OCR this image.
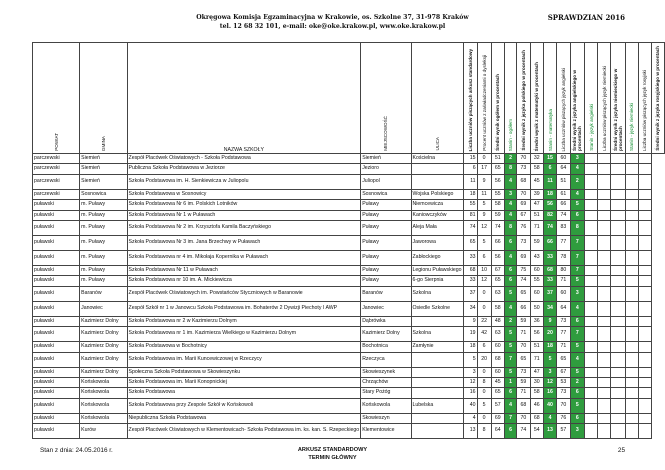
Okręgowa Komisja Egzaminacyjna w Krakowie, os. Szkolne 37, 31-978 Kraków
tel. 12 68 32 101, e-mail: oke@oke.krakow.pl, www.oke.krakow.pl
SPRAWDZIAN 2016
POWIAT	GMINA	NAZWA SZKOŁY	MIEJSCOWOŚĆ	ULICA	Liczba uczniów piszących arkusz standardowy	Procent uczniów z zaświadczeniami o dysleksji	Średni wynik ogółem w procentach	Stanin - ogółem	Średni wynik z języka polskiego w procentach	Średni wynik z matematyki w procentach	Stanin - matematyka	Liczba uczniów piszących język angielski	Średni wynik z języka angielskiego w procentach	Stanin - język angielski	Liczba uczniów piszących język niemiecki	Średni wynik z języka niemieckiego w procentach	Stanin - język niemiecki	Liczba uczniów piszących język rosyjski	Średni wynik z języka rosyjskiego w procentach

parczewski	Siemień	Zespół Placówek Oświatowych - Szkoła Podstawowa	Siemień	Kościelna	15	0	51	2	70	32	15	60	3						
parczewski	Siemień	Publiczna Szkoła Podstawowa w Jeziorze	Jezioro		6	17	65	8	73	58	6	64	4						
parczewski	Siemień	Szkoła Podstawowa im. H. Sienkiewicza w Juliopolu	Juliopol		11	9	56	4	68	45	11	51	2						
parczewski	Sosnowica	Szkoła Podstawowa w Sosnowicy	Sosnowica	Wojska Polskiego	18	11	55	3	70	39	18	61	4						
puławski	m. Puławy	Szkoła Podstawowa Nr 6 im. Polskich Lotników	Puławy	Niemcewicza	55	5	58	4	69	47	56	66	5						
puławski	m. Puławy	Szkoła Podstawowa Nr 1 w Puławach	Puławy	Kaniowczyków	81	9	59	4	67	51	82	74	6						
puławski	m. Puławy	Szkoła Podstawowa Nr 2 im. Krzysztofa Kamila Baczyńskiego	Puławy	Aleja Mała	74	12	74	8	76	71	74	83	8						
puławski	m. Puławy	Szkoła Podstawowa Nr 3 im. Jana Brzechwy w Puławach	Puławy	Jaworowa	65	5	66	6	73	59	66	77	7						
puławski	m. Puławy	Szkoła Podstawowa nr 4 im. Mikołaja Kopernika w Puławach	Puławy	Zabłockiego	33	6	56	4	69	43	33	78	7						
puławski	m. Puławy	Szkoła Podstawowa Nr 11 w Puławach	Puławy	Legionu Puławskiego	68	10	67	6	75	60	68	80	7						
puławski	m. Puławy	Szkoła Podstawowa nr 10 im. A. Mickiewicza	Puławy	6-go Sierpnia	33	12	65	6	74	55	33	71	5						
puławski	Baranów	Zespół Placówek Oświatowych im. Powstańców Styczniowych w Baranowie	Baranów	Szkolna	37	0	63	5	65	60	37	60	3						
puławski	Janowiec	Zespół Szkół nr 1 w Janowcu Szkoła Podstawowa im. Bohaterów 2 Dywizji Piechoty I AWP	Janowiec	Osiedle Szkolne	34	0	58	4	66	50	34	64	4						
puławski	Kazimierz Dolny	Szkoła Podstawowa nr 2 w Kazimierzu Dolnym	Dąbrówka		9	22	48	2	59	36	9	73	6						
puławski	Kazimierz Dolny	Szkoła Podstawowa nr 1 im. Kazimierza Wielkiego w Kazimierzu Dolnym	Kazimierz Dolny	Szkolna	19	42	63	5	71	56	20	77	7						
puławski	Kazimierz Dolny	Szkoła Podstawowa w Bochotnicy	Bochotnica	Zamłynie	18	6	60	5	70	51	18	71	5						
puławski	Kazimierz Dolny	Szkoła Podstawowa im. Marii Kuncewiczowej w Rzeczycy	Rzeczyca		5	20	68	7	65	71	5	65	4						
puławski	Kazimierz Dolny	Społeczna Szkoła Podstawowa w Skowieszynku	Skowieszynek		3	0	60	5	73	47	3	67	5						
puławski	Końskowola	Szkoła Podstawowa im. Marii Konopnickiej	Chrząchów		12	8	45	1	59	30	12	53	2						
puławski	Końskowola	Szkoła Podstawowa	Stary Pożóg		16	0	65	6	71	58	16	73	6						
puławski	Końskowola	Szkoła Podstawowa przy Zespole Szkół w Końskowoli	Końskowola	Lubelska	40	5	57	4	68	46	40	70	5						
puławski	Końskowola	Niepubliczna Szkoła Podstawowa	Skowieszyn		4	0	69	7	70	68	4	76	6						
puławski	Kurów	Zespół Placówek Oświatowych w Klementowicach- Szkoła Podstawowa im. ks. kan. S. Rzepeckiego	Klementowice		13	8	64	6	74	54	13	57	3						
Stan z dnia: 24.05.2016 r.	ARKUSZ STANDARDOWY
TERMIN GŁÓWNY
25
